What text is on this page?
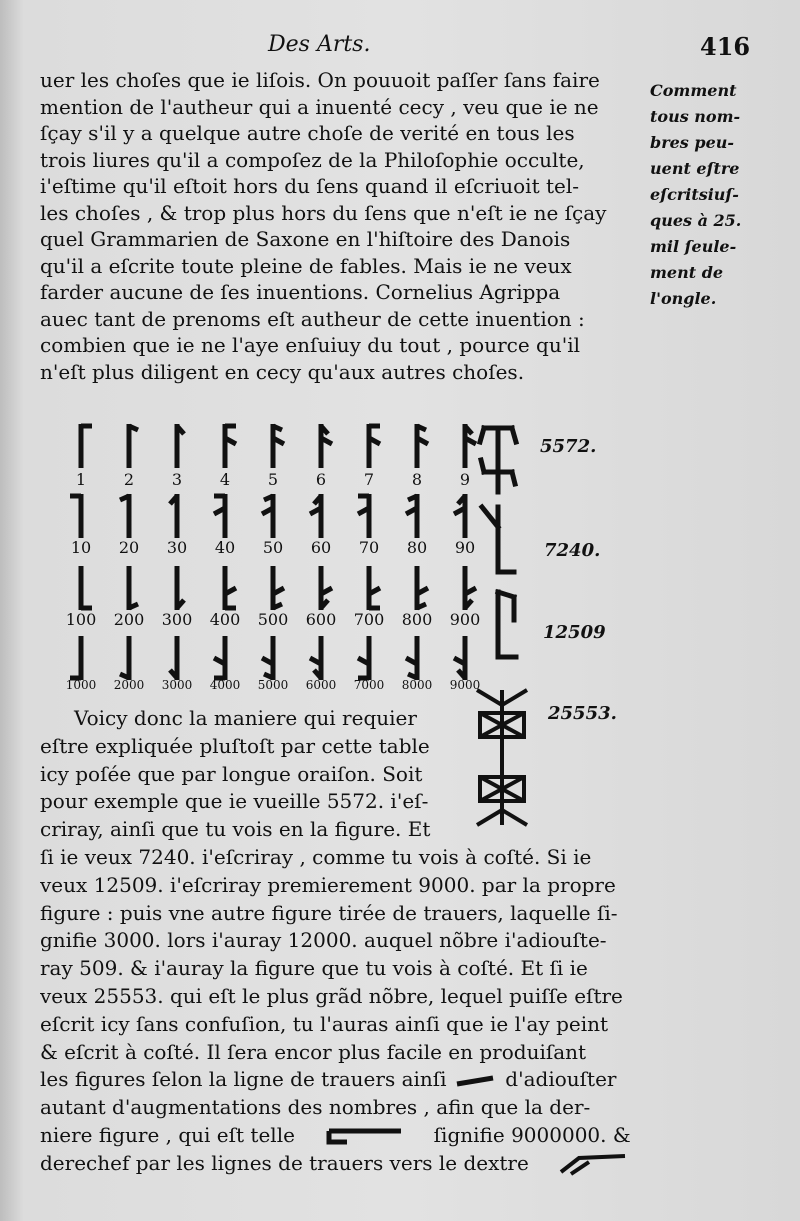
Des Arts.	416
uer les choſes que ie liſois. On pouuoit paſſer ſans faire
mention de l'autheur qui a inuenté cecy , veu que ie ne
ſçay s'il y a quelque autre choſe de verité en tous les
trois liures qu'il a compoſez de la Philoſophie occulte,
i'eſtime qu'il eſtoit hors du ſens quand il eſcriuoit tel-
les choſes , & trop plus hors du ſens que n'eſt ie ne ſçay
quel Grammarien de Saxone en l'hiſtoire des Danois
qu'il a eſcrite toute pleine de fables. Mais ie ne veux
farder aucune de ſes inuentions. Cornelius Agrippa
auec tant de prenoms eſt autheur de cette inuention :
combien que ie ne l'aye enſuiuy du tout , pource qu'il
n'eſt plus diligent en cecy qu'aux autres choſes.
Comment
tous nom-
bres peu-
uent eſtre
eſcritsiuſ-
ques à 25.
mil ſeule-
ment de
l'ongle.
5572.
7240.
12509
25553.
1	2	3	4	5	6	7	8	9
10	20	30	40	50	60	70	80	90
100	200	300	400	500	600	700	800	900
1000	2000	3000	4000	5000	6000	7000	8000	9000
Voicy donc la maniere qui requier
eſtre expliquée pluſtoſt par cette table
icy poſée que par longue oraiſon. Soit
pour exemple que ie vueille 5572. i'eſ-
criray, ainſi que tu vois en la figure. Et
ſi ie veux 7240. i'eſcriray , comme tu vois à coſté. Si ie
veux 12509. i'eſcriray premierement 9000. par la propre
figure : puis vne autre figure tirée de trauers, laquelle ſi-
gnifie 3000. lors i'auray 12000. auquel nõbre i'adiouſte-
ray 509. & i'auray la figure que tu vois à coſté. Et ſi ie
veux 25553. qui eſt le plus grãd nõbre, lequel puiſſe eſtre
eſcrit icy ſans confuſion, tu l'auras ainſi que ie l'ay peint
& eſcrit à coſté. Il ſera encor plus facile en produiſant
les figures ſelon la ligne de trauers ainſi	d'adiouſter
autant d'augmentations des nombres , afin que la der-
niere figure , qui eſt telle	ſignifie 9000000. &
derechef par les lignes de trauers vers le dextre
